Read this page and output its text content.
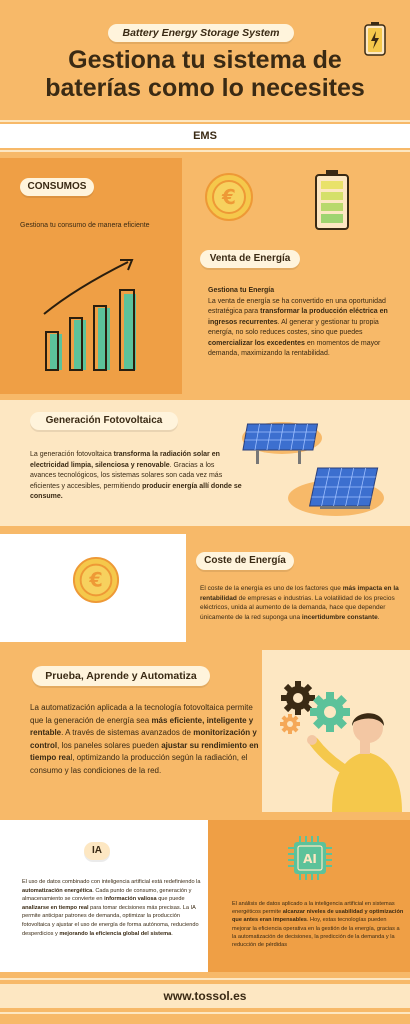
Battery Energy Storage System
Gestiona tu sistema de
baterías como lo necesites
EMS
CONSUMOS
Gestiona tu consumo de manera eficiente
€
Venta de Energía
Gestiona tu Energía
La venta de energía se ha convertido en una oportunidad estratégica para transformar la producción eléctrica en ingresos recurrentes. Al generar y gestionar tu propia energía, no solo reduces costes, sino que puedes comercializar los excedentes en momentos de mayor demanda, maximizando la rentabilidad.
Generación Fotovoltaica
La generación fotovoltaica transforma la radiación solar en electricidad limpia, silenciosa y renovable. Gracias a los avances tecnológicos, los sistemas solares son cada vez más eficientes y accesibles, permitiendo producir energía allí donde se consume.
€
Coste de Energía
El coste de la energía es uno de los factores que más impacta en la rentabilidad de empresas e industrias. La volatilidad de los precios eléctricos, unida al aumento de la demanda, hace que depender únicamente de la red suponga una incertidumbre constante.
Prueba, Aprende y Automatiza
La automatización aplicada a la tecnología fotovoltaica permite que la generación de energía sea más eficiente, inteligente y rentable. A través de sistemas avanzados de monitorización y control, los paneles solares pueden ajustar su rendimiento en tiempo real, optimizando la producción según la radiación, el consumo y las condiciones de la red.
IA
El uso de datos combinado con inteligencia artificial está redefiniendo la automatización energética. Cada punto de consumo, generación y almacenamiento se convierte en información valiosa que puede analizarse en tiempo real para tomar decisiones más precisas. La IA permite anticipar patrones de demanda, optimizar la producción fotovoltaica y ajustar el uso de energía de forma autónoma, reduciendo desperdicios y mejorando la eficiencia global del sistema.
AI
El análisis de datos aplicado a la inteligencia artificial en sistemas energéticos permite alcanzar niveles de usabilidad y optimización que antes eran impensables. Hoy, estas tecnologías pueden mejorar la eficiencia operativa en la gestión de la energía, gracias a la automatización de decisiones, la predicción de la demanda y la reducción de pérdidas
www.tossol.es
